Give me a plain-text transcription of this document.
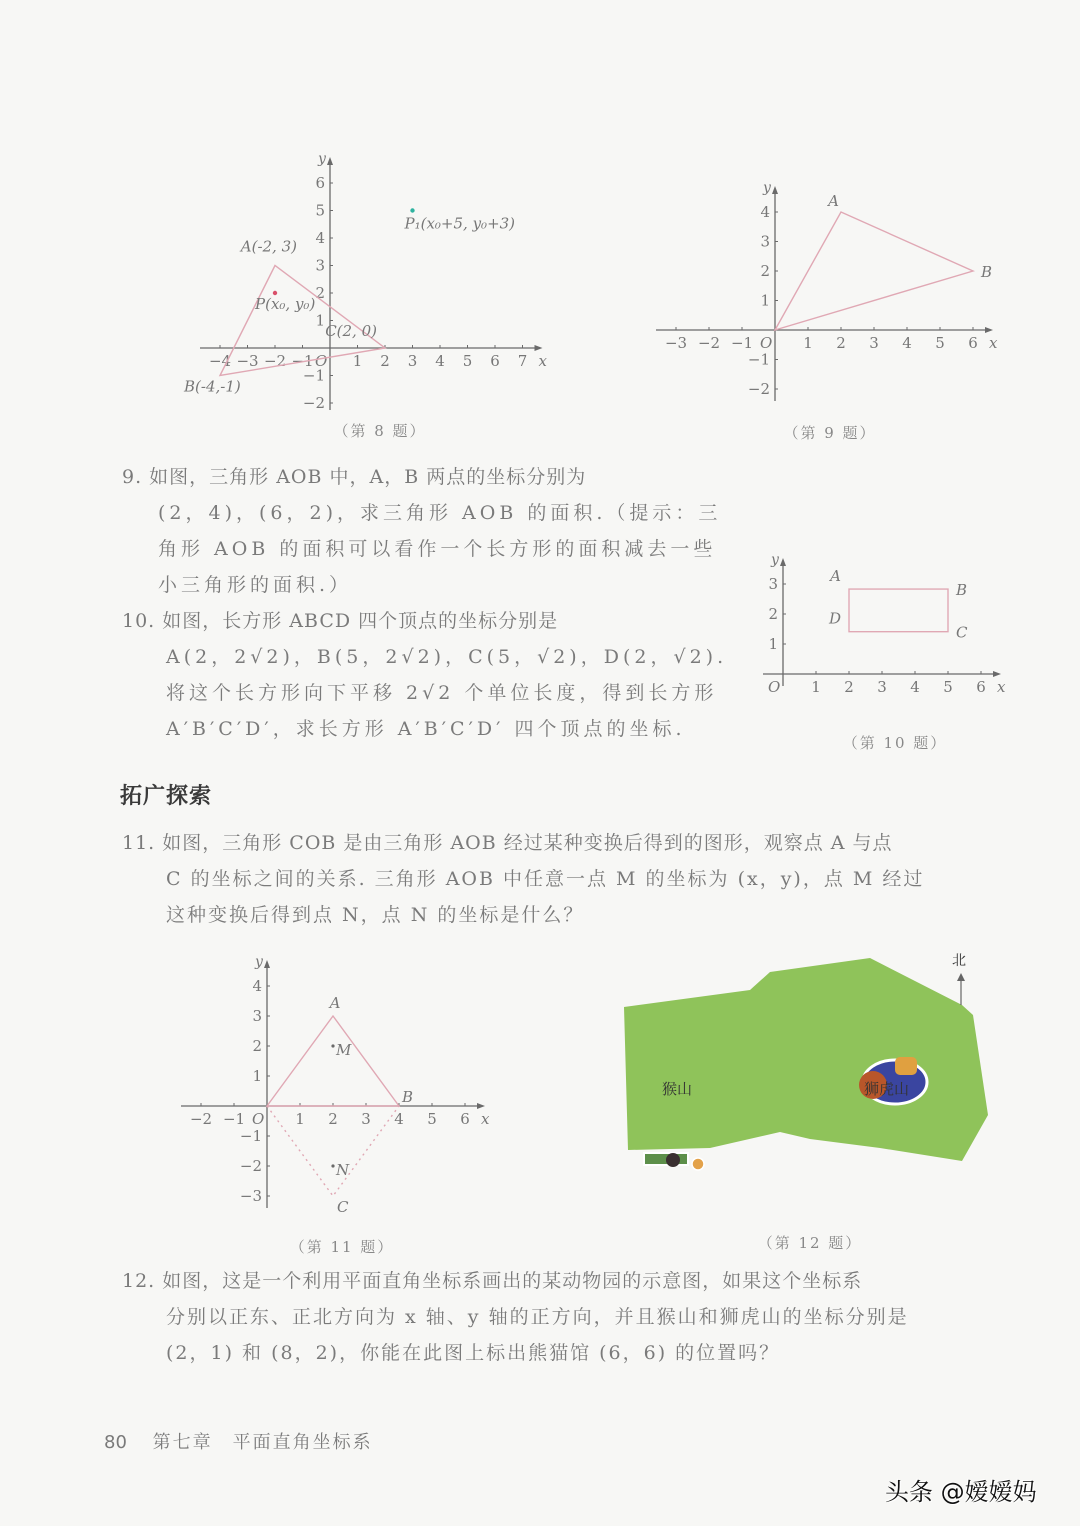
x
y
O
−4 −3 −2 −1	1 2 3 4 5 6 7
−2
−1
1
2
3
4
5
6
A(-2, 3)
B(-4,-1)
C(2, 0)
P(x₀, y₀)
P₁(x₀+5, y₀+3)
（第 8 题）
x
y
O
−3 −2 −1	1 2 3 4 5 6
−2
−1
1
2
3
4
A
B
（第 9 题）
9. 如图，三角形 AOB 中，A，B 两点的坐标分别为
(2，4)，(6，2)，求三角形 AOB 的面积.（提示：三
角形 AOB 的面积可以看作一个长方形的面积减去一些
小三角形的面积.）
x
y
O 1 2 3 4 5 6
1
2
3	A
B
C
D
（第 10 题）
10. 如图，长方形 ABCD 四个顶点的坐标分别是
A(2，2√2)，B(5，2√2)，C(5，√2)，D(2，√2).
将这个长方形向下平移 2√2 个单位长度，得到长方形
A′B′C′D′，求长方形 A′B′C′D′ 四个顶点的坐标.
拓广探索
11. 如图，三角形 COB 是由三角形 AOB 经过某种变换后得到的图形，观察点 A 与点
C 的坐标之间的关系. 三角形 AOB 中任意一点 M 的坐标为 (x，y)，点 M 经过
这种变换后得到点 N，点 N 的坐标是什么？
x
y
O
−2 −1	1 2 3 4 5 6
−3
−2
−1
1
2
3
4
A
B
C
M
N
（第 11 题）
北
猴山	狮虎山
（第 12 题）
12. 如图，这是一个利用平面直角坐标系画出的某动物园的示意图，如果这个坐标系
分别以正东、正北方向为 x 轴、y 轴的正方向，并且猴山和狮虎山的坐标分别是
(2，1) 和 (8，2)，你能在此图上标出熊猫馆 (6，6) 的位置吗？
80 第七章　平面直角坐标系
头条 @嫒嫒妈
